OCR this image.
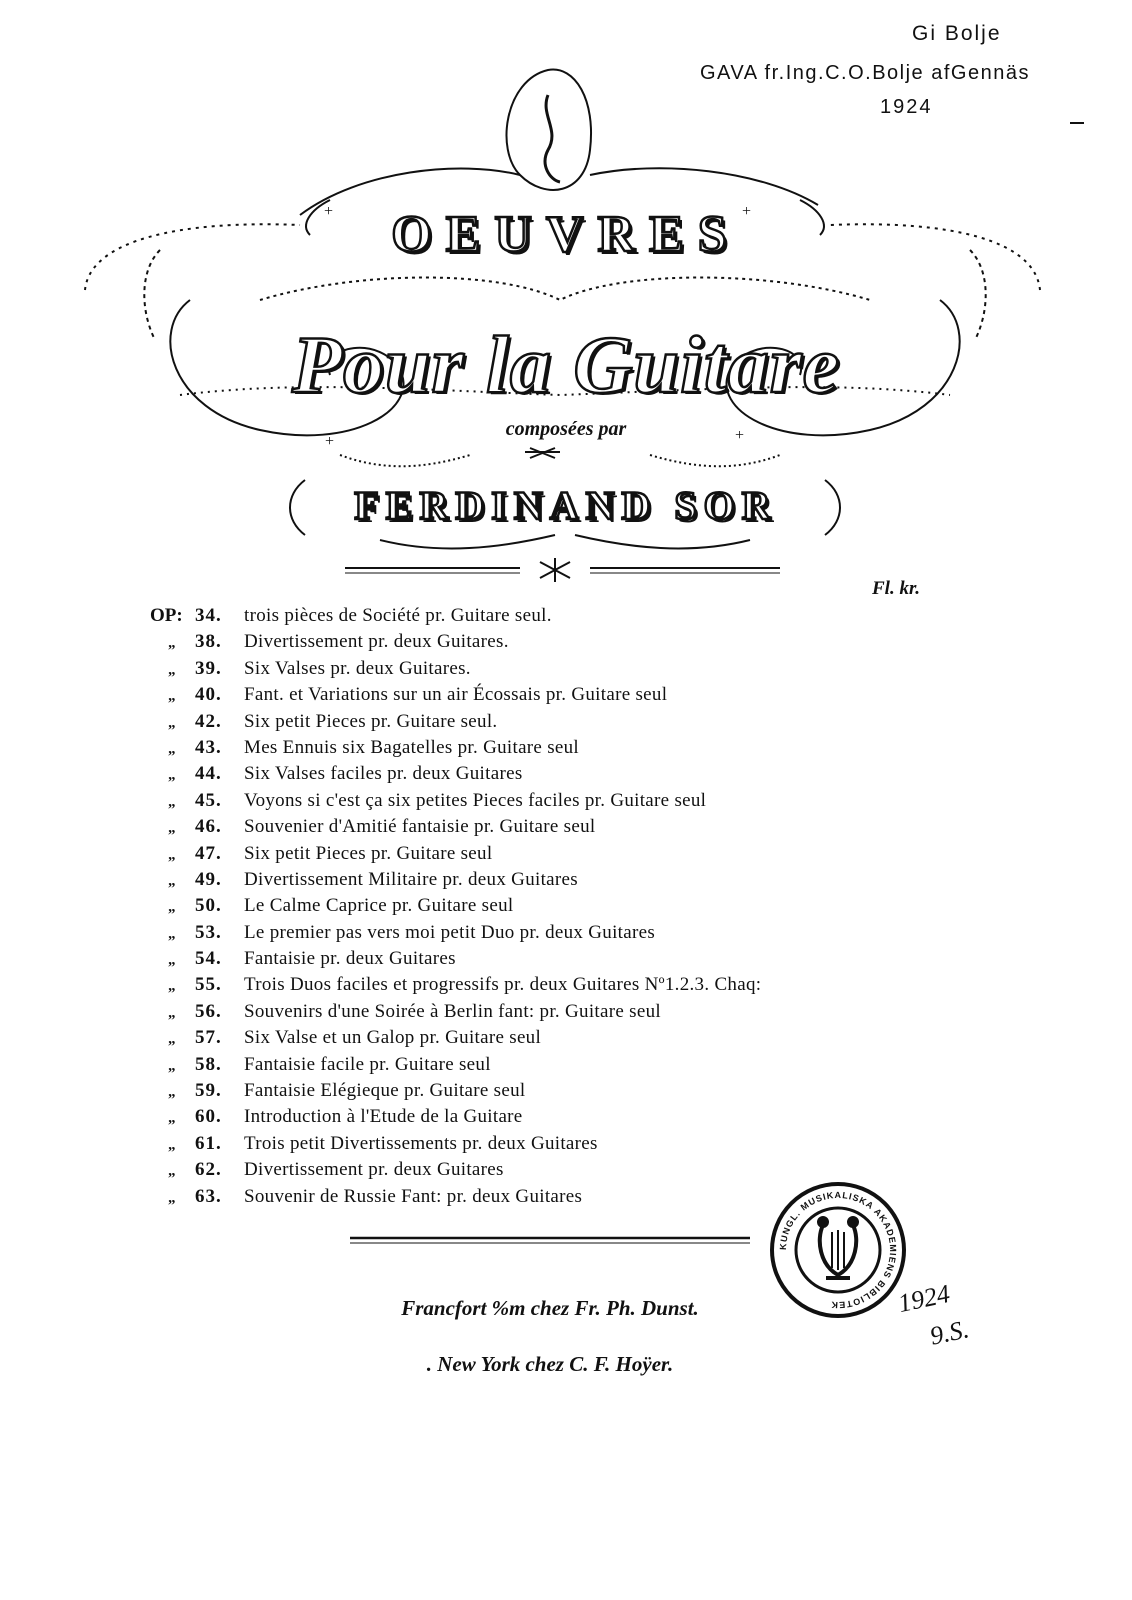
Gi Bolje
GAVA fr.Ing.C.O.Bolje afGennäs
1924
+	+
+	+
OEUVRES
Pour la Guitare
composées par
FERDINAND SOR
Fl. kr.
OP: 34.	trois pièces de Société pr. Guitare seul.
„	38.	Divertissement pr. deux Guitares.
„	39.	Six Valses pr. deux Guitares.
„	40.	Fant. et Variations sur un air Écossais pr. Guitare seul
„	42.	Six petit Pieces pr. Guitare seul.
„	43.	Mes Ennuis six Bagatelles pr. Guitare seul
„	44.	Six Valses faciles pr. deux Guitares
„	45.	Voyons si c'est ça six petites Pieces faciles pr. Guitare seul
„	46.	Souvenier d'Amitié fantaisie pr. Guitare seul
„	47.	Six petit Pieces pr. Guitare seul
„	49.	Divertissement Militaire pr. deux Guitares
„	50.	Le Calme Caprice pr. Guitare seul
„	53.	Le premier pas vers moi petit Duo pr. deux Guitares
„	54.	Fantaisie pr. deux Guitares
„	55.	Trois Duos faciles et progressifs pr. deux Guitares Nº1.2.3. Chaq:
„	56.	Souvenirs d'une Soirée à Berlin fant: pr. Guitare seul
„	57.	Six Valse et un Galop pr. Guitare seul
„	58.	Fantaisie facile pr. Guitare seul
„	59.	Fantaisie Elégieque pr. Guitare seul
„	60.	Introduction à l'Etude de la Guitare
„	61.	Trois petit Divertissements pr. deux Guitares
„	62.	Divertissement pr. deux Guitares
„	63.	Souvenir de Russie Fant: pr. deux Guitares
KUNGL. MUSIKALISKA AKADEMIENS BIBLIOTEK	1924
9.S.
Francfort %m chez Fr. Ph. Dunst.
. New York chez C. F. Hoÿer.
